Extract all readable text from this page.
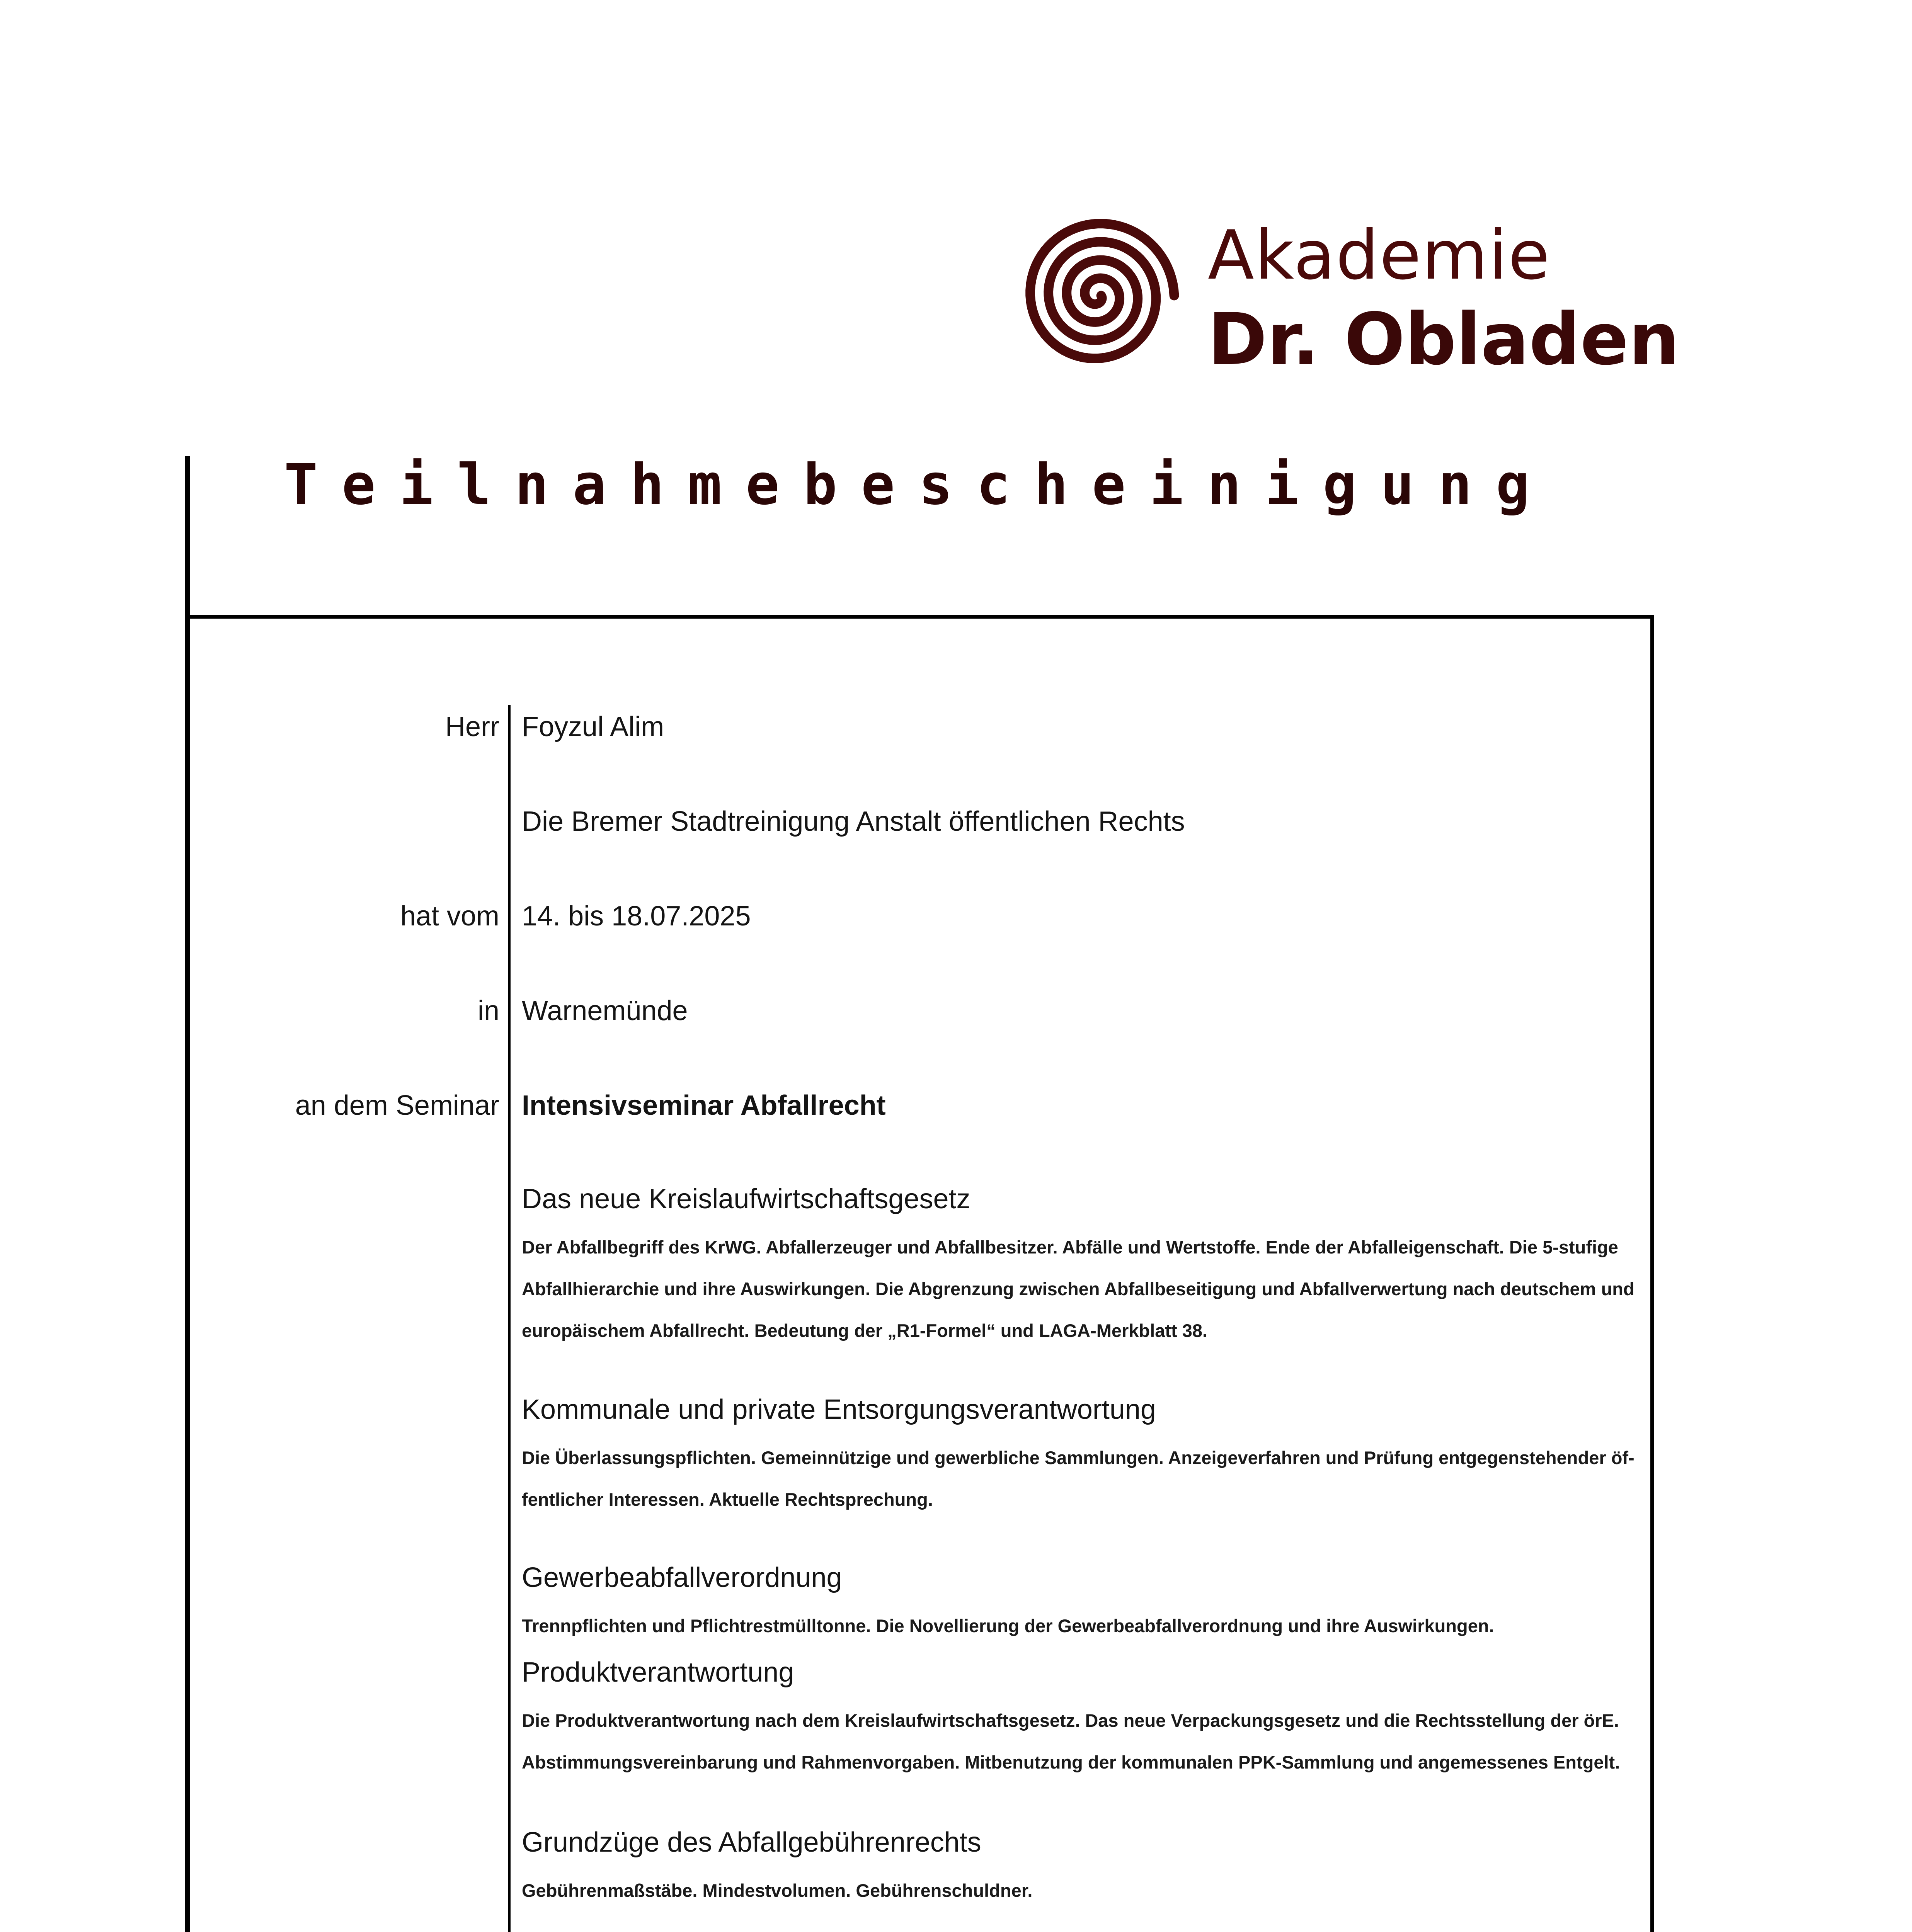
Akademie
Dr. Obladen
Teilnahmebescheinigung
Herr Foyzul Alim
Die Bremer Stadtreinigung Anstalt öffentlichen Rechts
hat vom 14. bis 18.07.2025
in Warnemünde
an dem Seminar Intensivseminar Abfallrecht

Das neue Kreislaufwirtschaftsgesetz

Der Abfallbegriff des KrWG. Abfallerzeuger und Abfallbesitzer. Abfälle und Wertstoffe. Ende der Abfalleigenschaft. Die 5-stufige
Abfallhierarchie und ihre Auswirkungen. Die Abgrenzung zwischen Abfallbeseitigung und Abfallverwertung nach deutschem und
europäischem Abfallrecht. Bedeutung der „R1-Formel“ und LAGA-Merkblatt 38.

Kommunale und private Entsorgungsverantwortung

Die Überlassungspflichten. Gemeinnützige und gewerbliche Sammlungen. Anzeigeverfahren und Prüfung entgegenstehender öf-
fentlicher Interessen. Aktuelle Rechtsprechung.

Gewerbeabfallverordnung

Trennpflichten und Pflichtrestmülltonne. Die Novellierung der Gewerbeabfallverordnung und ihre Auswirkungen.

Produktverantwortung

Die Produktverantwortung nach dem Kreislaufwirtschaftsgesetz. Das neue Verpackungsgesetz und die Rechtsstellung der örE.
Abstimmungsvereinbarung und Rahmenvorgaben. Mitbenutzung der kommunalen PPK-Sammlung und angemessenes Entgelt.

Grundzüge des Abfallgebührenrechts

Gebührenmaßstäbe. Mindestvolumen. Gebührenschuldner.
